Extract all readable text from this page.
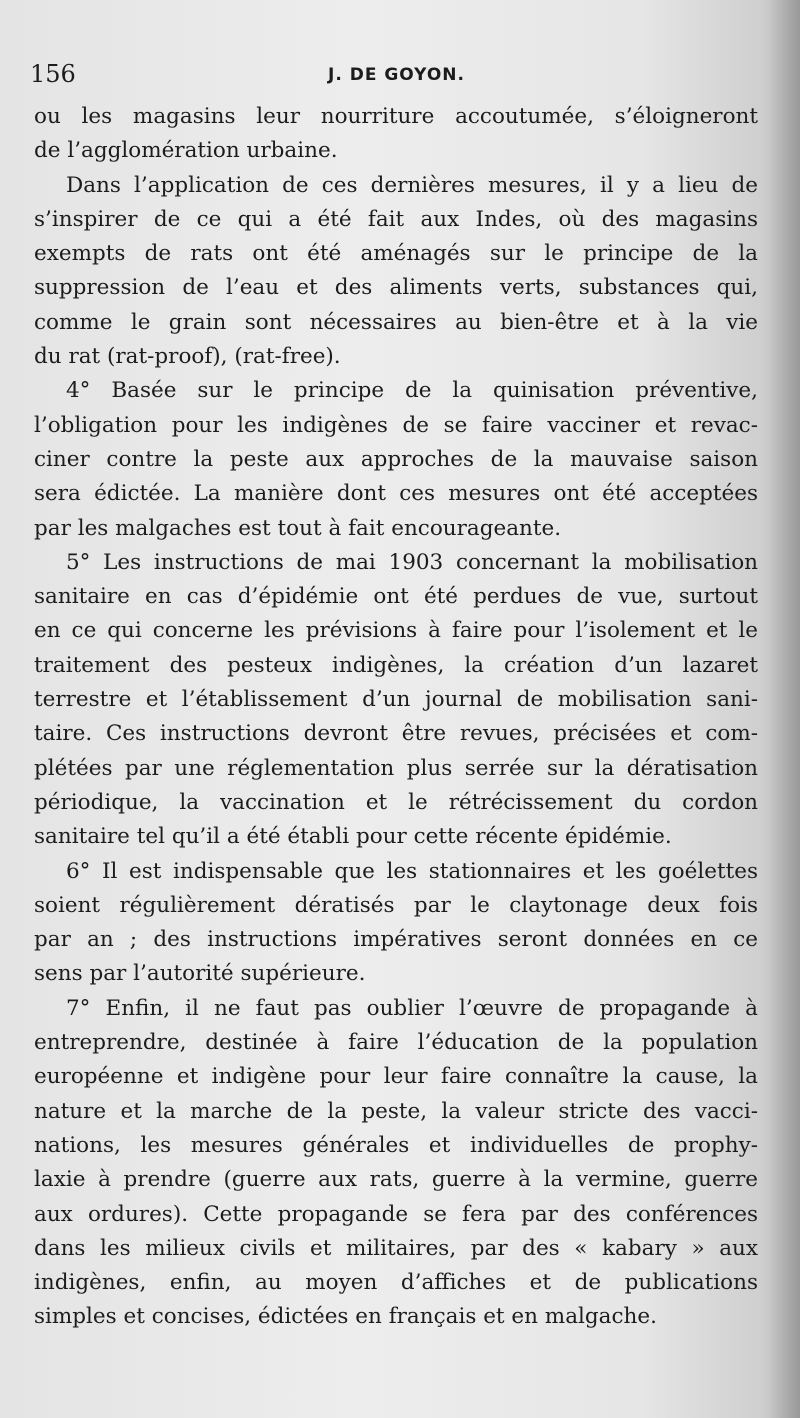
156	J. DE GOYON.
ou les magasins leur nourriture accoutumée, s’éloigneront
de l’agglomération urbaine.
Dans l’application de ces dernières mesures, il y a lieu de
s’inspirer de ce qui a été fait aux Indes, où des magasins
exempts de rats ont été aménagés sur le principe de la
suppression de l’eau et des aliments verts, substances qui,
comme le grain sont nécessaires au bien-être et à la vie
du rat (rat-proof), (rat-free).
4° Basée sur le principe de la quinisation préventive,
l’obligation pour les indigènes de se faire vacciner et revac-
ciner contre la peste aux approches de la mauvaise saison
sera édictée. La manière dont ces mesures ont été acceptées
par les malgaches est tout à fait encourageante.
5° Les instructions de mai 1903 concernant la mobilisation
sanitaire en cas d’épidémie ont été perdues de vue, surtout
en ce qui concerne les prévisions à faire pour l’isolement et le
traitement des pesteux indigènes, la création d’un lazaret
terrestre et l’établissement d’un journal de mobilisation sani-
taire. Ces instructions devront être revues, précisées et com-
plétées par une réglementation plus serrée sur la dératisation
périodique, la vaccination et le rétrécissement du cordon
sanitaire tel qu’il a été établi pour cette récente épidémie.
6° Il est indispensable que les stationnaires et les goélettes
soient régulièrement dératisés par le claytonage deux fois
par an ; des instructions impératives seront données en ce
sens par l’autorité supérieure.
7° Enfin, il ne faut pas oublier l’œuvre de propagande à
entreprendre, destinée à faire l’éducation de la population
européenne et indigène pour leur faire connaître la cause, la
nature et la marche de la peste, la valeur stricte des vacci-
nations, les mesures générales et individuelles de prophy-
laxie à prendre (guerre aux rats, guerre à la vermine, guerre
aux ordures). Cette propagande se fera par des conférences
dans les milieux civils et militaires, par des « kabary » aux
indigènes, enfin, au moyen d’affiches et de publications
simples et concises, édictées en français et en malgache.
